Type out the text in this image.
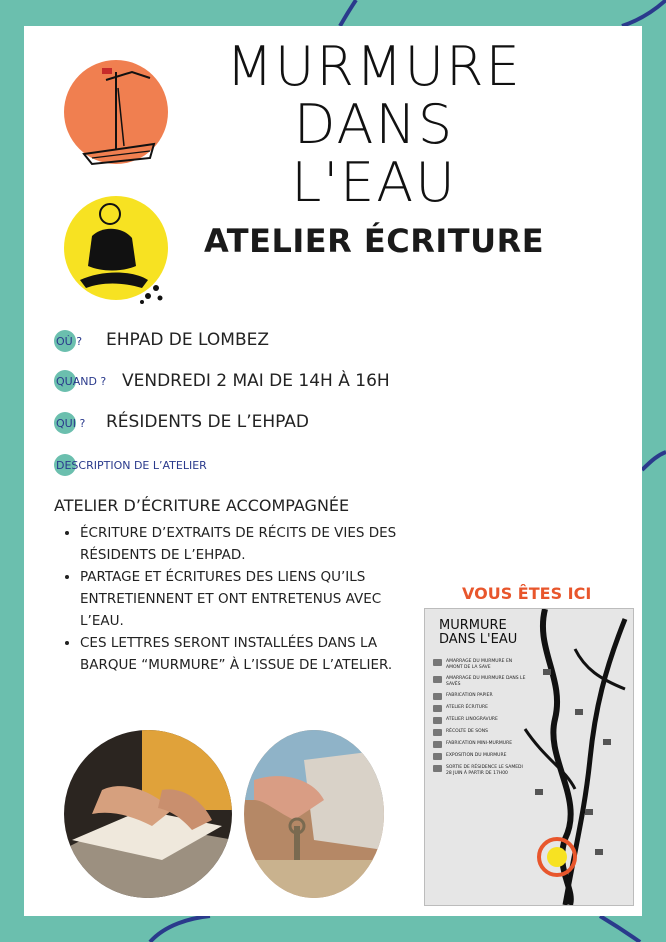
MURMURE
DANS L'EAU
ATELIER ÉCRITURE
OÙ ? EHPAD DE LOMBEZ
QUAND ? VENDREDI 2 MAI DE 14H À 16H
QUI ? RÉSIDENTS DE L’EHPAD
DESCRIPTION DE L’ATELIER
ATELIER D’ÉCRITURE ACCOMPAGNÉE
• ÉCRITURE D’EXTRAITS DE RÉCITS DE VIES DES RÉSIDENTS DE L’EHPAD.
• PARTAGE ET ÉCRITURES DES LIENS QU’ILS ENTRETIENNENT ET ONT ENTRETENUS AVEC L’EAU.
• CES LETTRES SERONT INSTALLÉES DANS LA BARQUE “MURMURE” À L’ISSUE DE L’ATELIER.
VOUS ÊTES ICI
MURMURE
DANS L'EAU
AMARRAGE DU MURMURE EN AMONT DE LA SAVE
AMARRAGE DU MURMURE DANS LE SAVÈS
FABRICATION PAPIER
ATELIER ÉCRITURE
ATELIER LINOGRAVURE
RÉCOLTE DE SONS
FABRICATION MINI-MURMURE
EXPOSITION DU MURMURE
SORTIE DE RÉSIDENCE LE SAMEDI 28 JUIN À PARTIR DE 17H00
